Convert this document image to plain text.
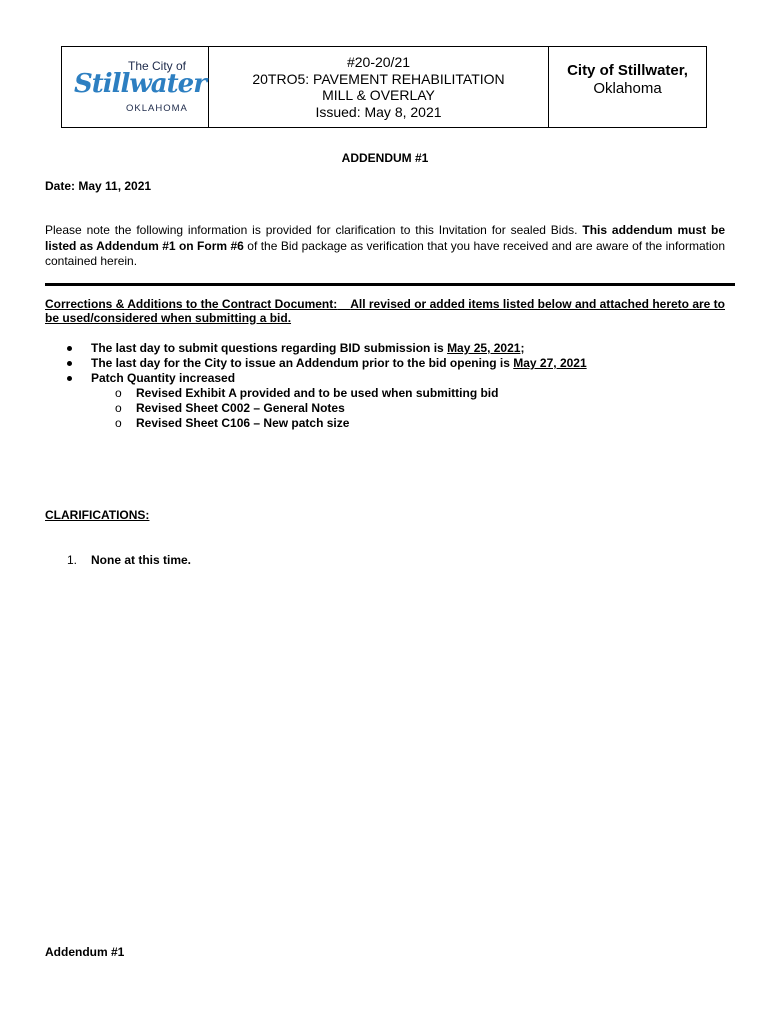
The City of
Stillwater
OKLAHOMA
#20-20/21
20TRO5: PAVEMENT REHABILITATION
MILL & OVERLAY
Issued: May 8, 2021
City of Stillwater,
Oklahoma
ADDENDUM #1
Date: May 11, 2021
Please note the following information is provided for clarification to this Invitation for sealed Bids. This addendum must be listed as Addendum #1 on Form #6 of the Bid package as verification that you have received and are aware of the information contained herein.
Corrections & Additions to the Contract Document: All revised or added items listed below and attached hereto are to be used/considered when submitting a bid.
The last day to submit questions regarding BID submission is May 25, 2021;
The last day for the City to issue an Addendum prior to the bid opening is May 27, 2021
Patch Quantity increased
o Revised Exhibit A provided and to be used when submitting bid
o Revised Sheet C002 – General Notes
o Revised Sheet C106 – New patch size
CLARIFICATIONS:
1. None at this time.
Addendum #1
